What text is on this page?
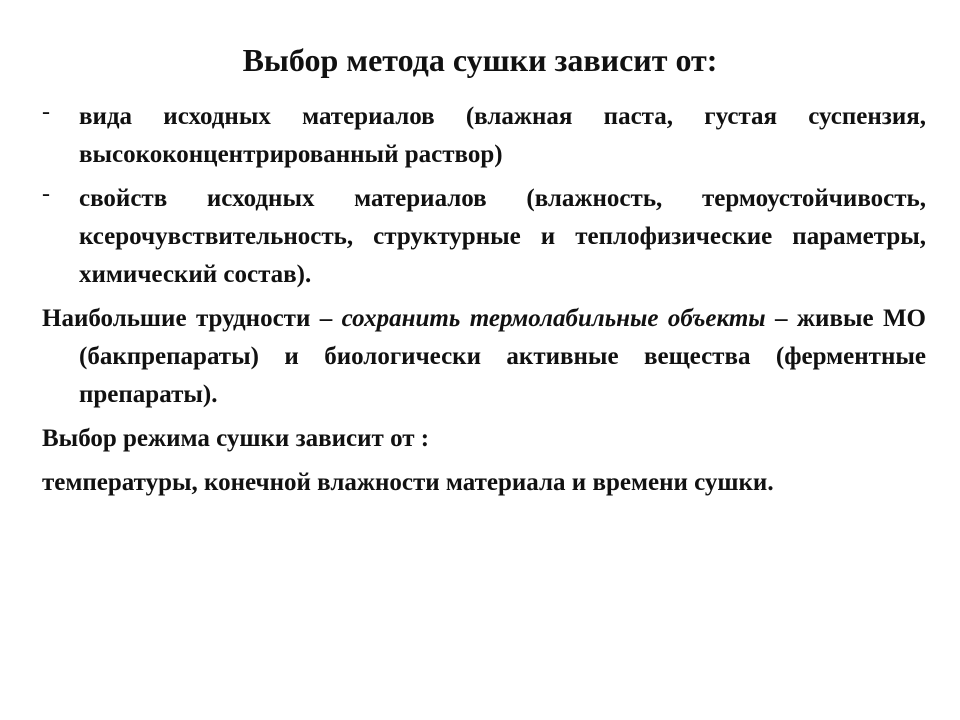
Выбор метода сушки зависит от:
- вида исходных материалов (влажная паста, густая суспензия, высококонцентрированный раствор)
- свойств исходных материалов (влажность, термоустойчивость, ксерочувствительность, структурные и теплофизические параметры, химический состав).

Наибольшие трудности – сохранить термолабильные объекты – живые МО (бакпрепараты) и биологически активные вещества (ферментные препараты).

Выбор режима сушки зависит от :

температуры, конечной влажности материала и времени сушки.
